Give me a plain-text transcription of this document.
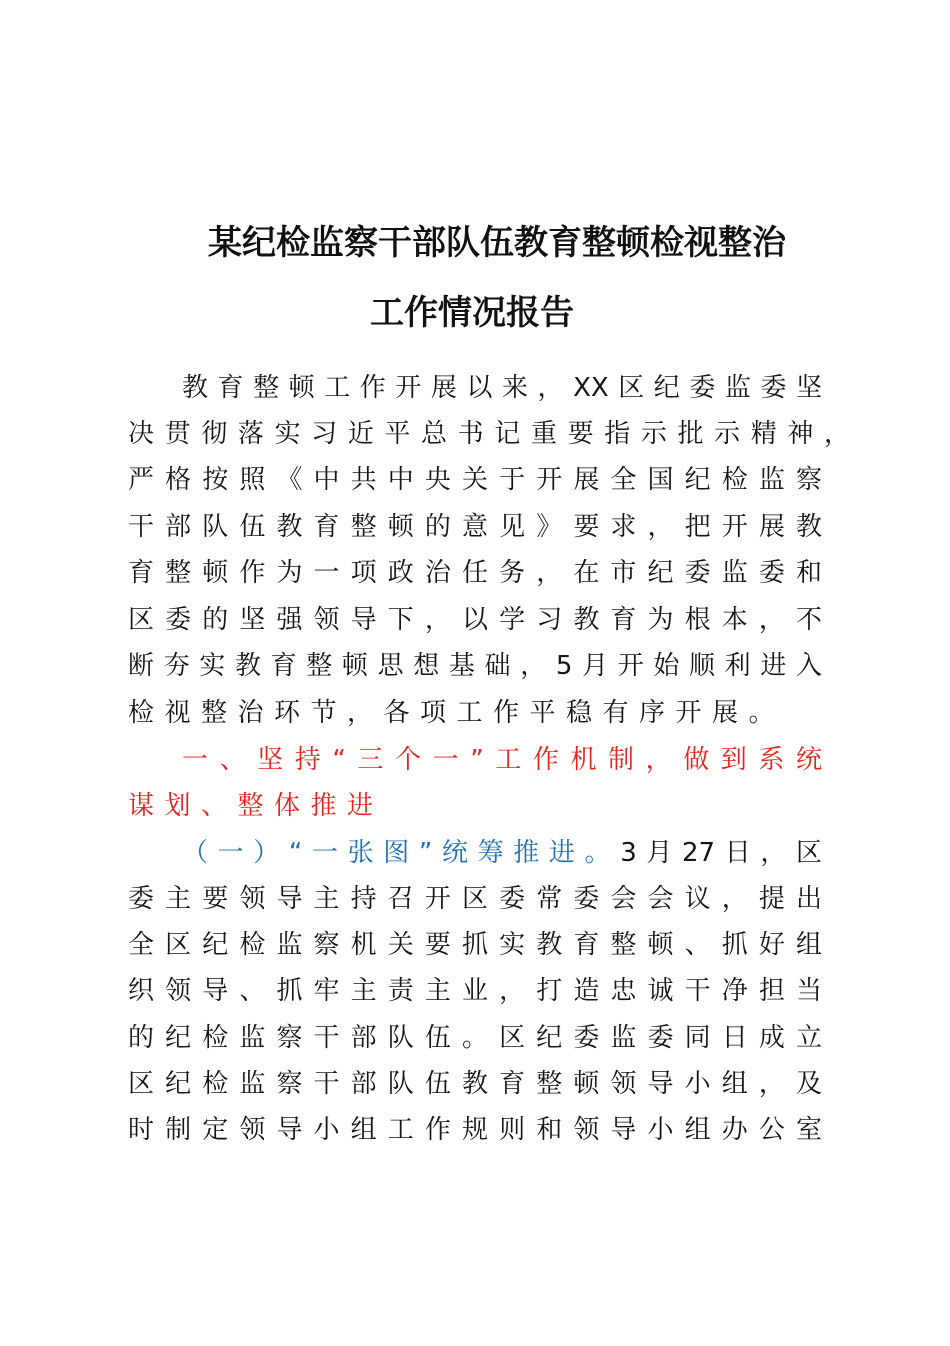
某纪检监察干部队伍教育整顿检视整治
工作情况报告
教育整顿工作开展以来，XX区纪委监委坚
决贯彻落实习近平总书记重要指示批示精神，
严格按照《中共中央关于开展全国纪检监察
干部队伍教育整顿的意见》要求，把开展教
育整顿作为一项政治任务，在市纪委监委和
区委的坚强领导下，以学习教育为根本，不
断夯实教育整顿思想基础，5月开始顺利进入
检视整治环节，各项工作平稳有序开展。
一、坚持“三个一”工作机制，做到系统
谋划、整体推进
（一）“一张图”统筹推进。3月27日，区
委主要领导主持召开区委常委会会议，提出
全区纪检监察机关要抓实教育整顿、抓好组
织领导、抓牢主责主业，打造忠诚干净担当
的纪检监察干部队伍。区纪委监委同日成立
区纪检监察干部队伍教育整顿领导小组，及
时制定领导小组工作规则和领导小组办公室
